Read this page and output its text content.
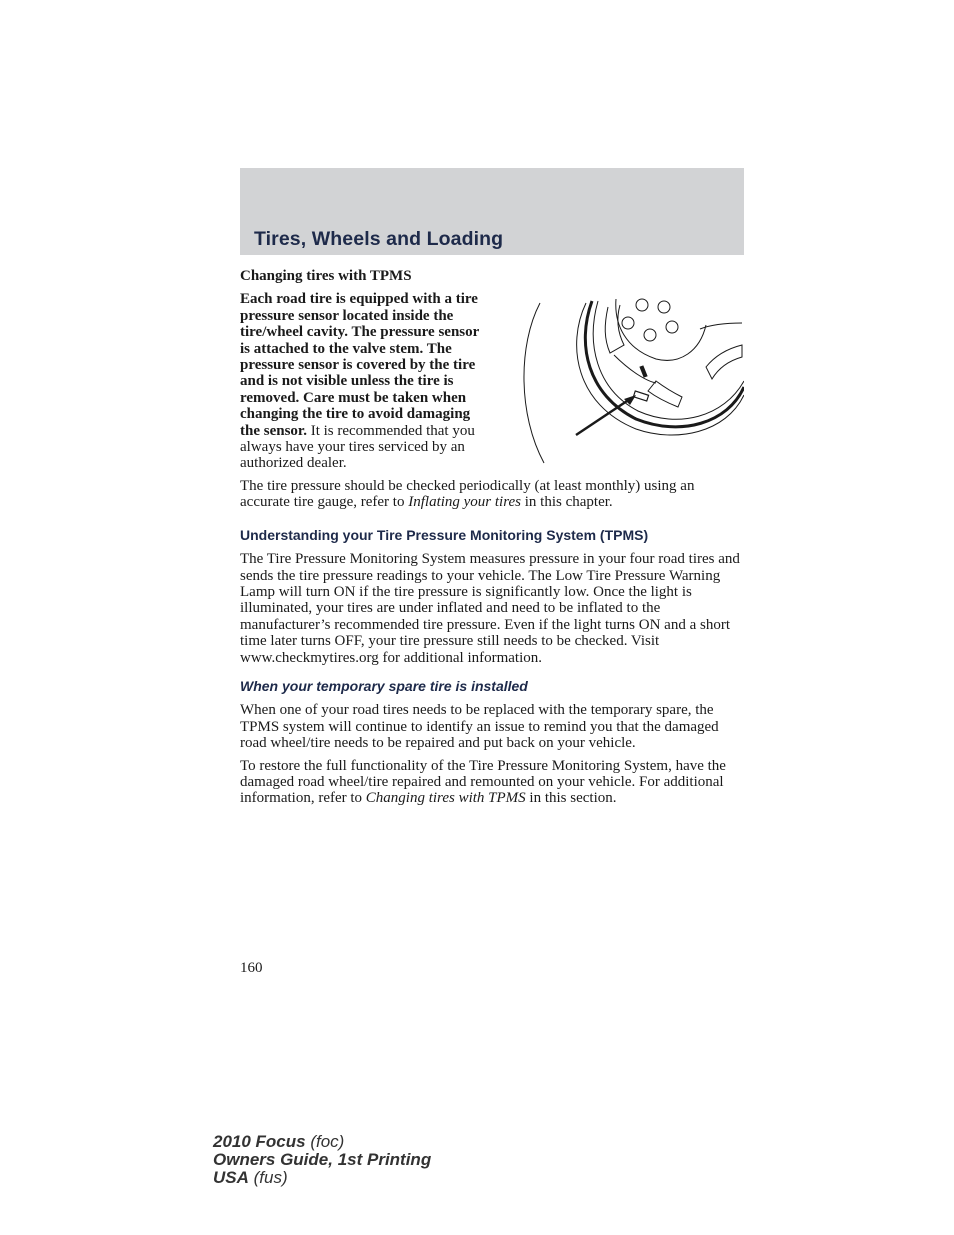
Tires, Wheels and Loading

Changing tires with TPMS

Each road tire is equipped with a tire pressure sensor located inside the tire/wheel cavity. The pressure sensor is attached to the valve stem. The pressure sensor is covered by the tire and is not visible unless the tire is removed. Care must be taken when changing the tire to avoid damaging the sensor. It is recommended that you always have your tires serviced by an authorized dealer.

The tire pressure should be checked periodically (at least monthly) using an accurate tire gauge, refer to Inflating your tires in this chapter.

Understanding your Tire Pressure Monitoring System (TPMS)

The Tire Pressure Monitoring System measures pressure in your four road tires and sends the tire pressure readings to your vehicle. The Low Tire Pressure Warning Lamp will turn ON if the tire pressure is significantly low. Once the light is illuminated, your tires are under inflated and need to be inflated to the manufacturer’s recommended tire pressure. Even if the light turns ON and a short time later turns OFF, your tire pressure still needs to be checked. Visit www.checkmytires.org for additional information.

When your temporary spare tire is installed

When one of your road tires needs to be replaced with the temporary spare, the TPMS system will continue to identify an issue to remind you that the damaged road wheel/tire needs to be repaired and put back on your vehicle.

To restore the full functionality of the Tire Pressure Monitoring System, have the damaged road wheel/tire repaired and remounted on your vehicle. For additional information, refer to Changing tires with TPMS in this section.

160
2010 Focus (foc)
Owners Guide, 1st Printing
USA (fus)
